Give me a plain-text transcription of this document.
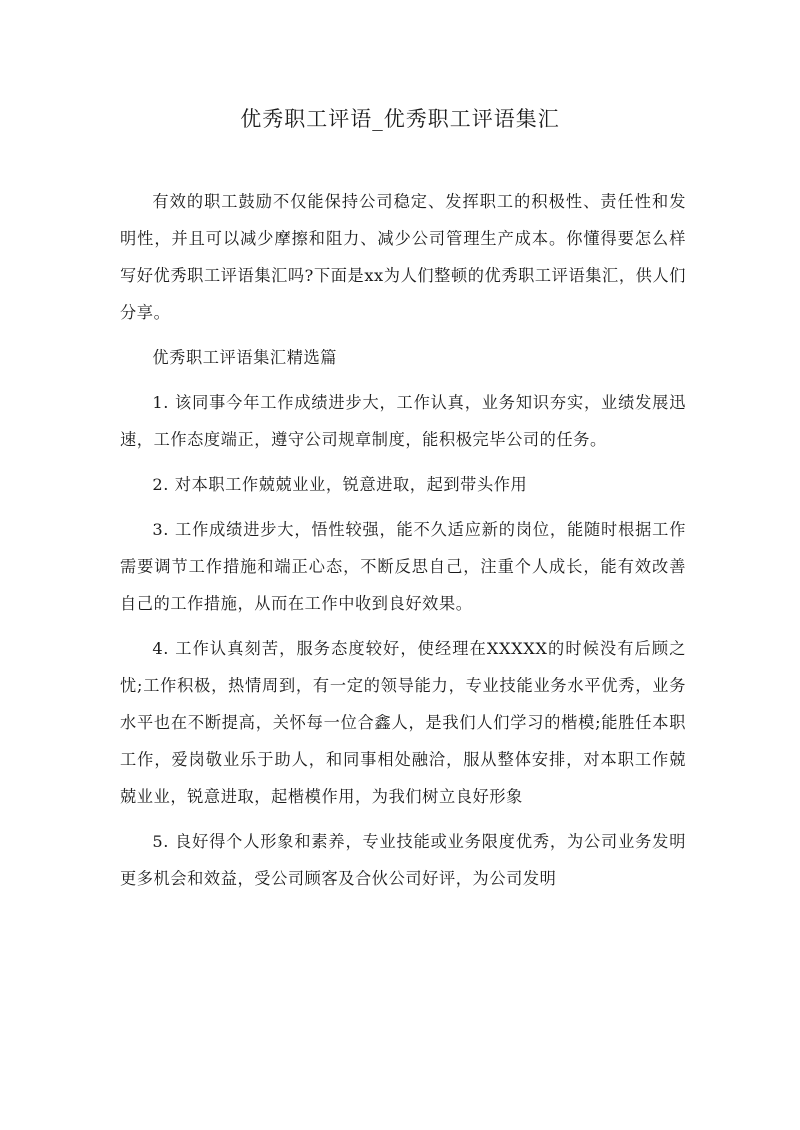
优秀职工评语_优秀职工评语集汇

有效的职工鼓励不仅能保持公司稳定、发挥职工的积极性、责任性和发明性，并且可以减少摩擦和阻力、减少公司管理生产成本。你懂得要怎么样写好优秀职工评语集汇吗?下面是xx为人们整顿的优秀职工评语集汇，供人们分享。

优秀职工评语集汇精选篇

1. 该同事今年工作成绩进步大，工作认真，业务知识夯实，业绩发展迅速，工作态度端正，遵守公司规章制度，能积极完毕公司的任务。

2. 对本职工作兢兢业业，锐意进取，起到带头作用

3. 工作成绩进步大，悟性较强，能不久适应新的岗位，能随时根据工作需要调节工作措施和端正心态，不断反思自己，注重个人成长，能有效改善自己的工作措施，从而在工作中收到良好效果。

4. 工作认真刻苦，服务态度较好，使经理在XXXXX的时候没有后顾之忧;工作积极，热情周到，有一定的领导能力，专业技能业务水平优秀，业务水平也在不断提高，关怀每一位合鑫人，是我们人们学习的楷模;能胜任本职工作，爱岗敬业乐于助人，和同事相处融洽，服从整体安排，对本职工作兢兢业业，锐意进取，起楷模作用，为我们树立良好形象

5. 良好得个人形象和素养，专业技能或业务限度优秀，为公司业务发明更多机会和效益，受公司顾客及合伙公司好评，为公司发明
